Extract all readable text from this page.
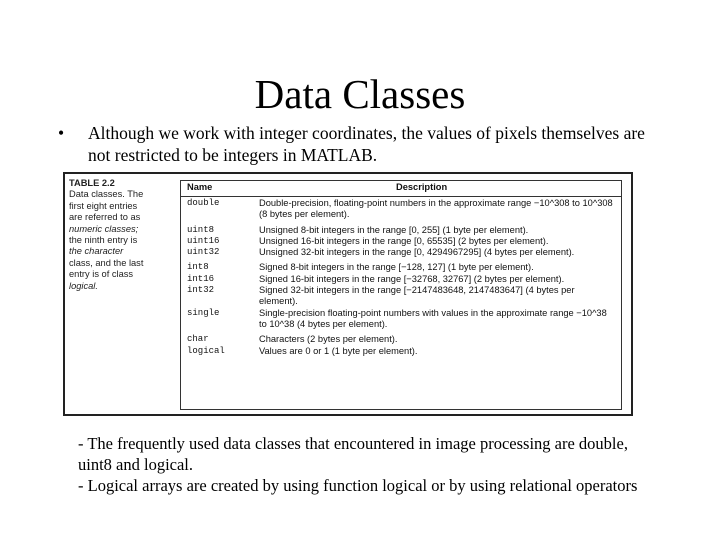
Data Classes
• Although we work with integer coordinates, the values of pixels themselves are not restricted to be integers in MATLAB.
TABLE 2.2
Data classes. The
first eight entries
are referred to as
numeric classes;
the ninth entry is
the character
class, and the last
entry is of class
logical.
Name	Description
double	Double-precision, floating-point numbers in the approximate range −10^308 to 10^308 (8 bytes per element).
uint8	Unsigned 8-bit integers in the range [0, 255] (1 byte per element).
uint16	Unsigned 16-bit integers in the range [0, 65535] (2 bytes per element).
uint32	Unsigned 32-bit integers in the range [0, 4294967295] (4 bytes per element).
int8	Signed 8-bit integers in the range [−128, 127] (1 byte per element).
int16	Signed 16-bit integers in the range [−32768, 32767] (2 bytes per element).
int32	Signed 32-bit integers in the range [−2147483648, 2147483647] (4 bytes per element).
single	Single-precision floating-point numbers with values in the approximate range −10^38 to 10^38 (4 bytes per element).
char	Characters (2 bytes per element).
logical	Values are 0 or 1 (1 byte per element).
- The frequently used data classes that encountered in image processing are double, uint8 and logical.
- Logical arrays are created by using function logical or by using relational operators
